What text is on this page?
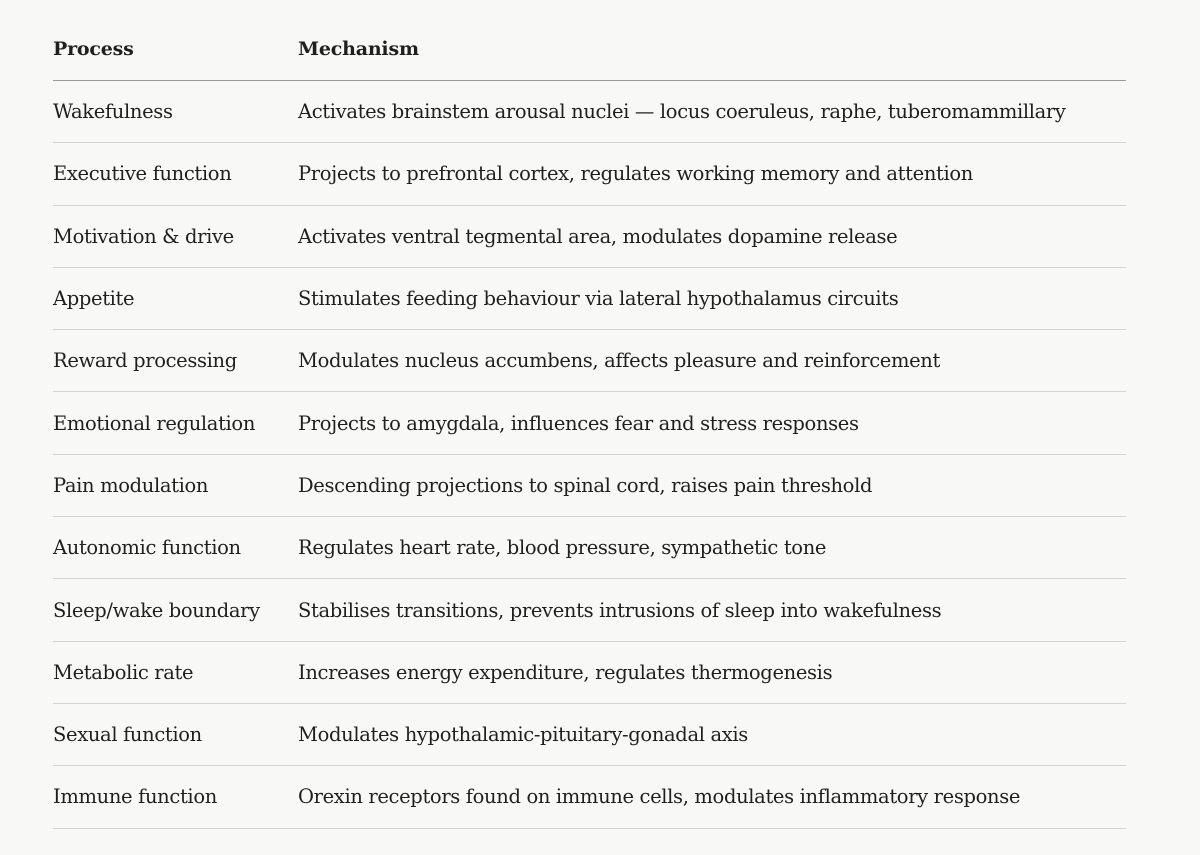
Process	Mechanism
Wakefulness	Activates brainstem arousal nuclei — locus coeruleus, raphe, tuberomammillary
Executive function	Projects to prefrontal cortex, regulates working memory and attention
Motivation & drive	Activates ventral tegmental area, modulates dopamine release
Appetite	Stimulates feeding behaviour via lateral hypothalamus circuits
Reward processing	Modulates nucleus accumbens, affects pleasure and reinforcement
Emotional regulation	Projects to amygdala, influences fear and stress responses
Pain modulation	Descending projections to spinal cord, raises pain threshold
Autonomic function	Regulates heart rate, blood pressure, sympathetic tone
Sleep/wake boundary	Stabilises transitions, prevents intrusions of sleep into wakefulness
Metabolic rate	Increases energy expenditure, regulates thermogenesis
Sexual function	Modulates hypothalamic-pituitary-gonadal axis
Immune function	Orexin receptors found on immune cells, modulates inflammatory response
